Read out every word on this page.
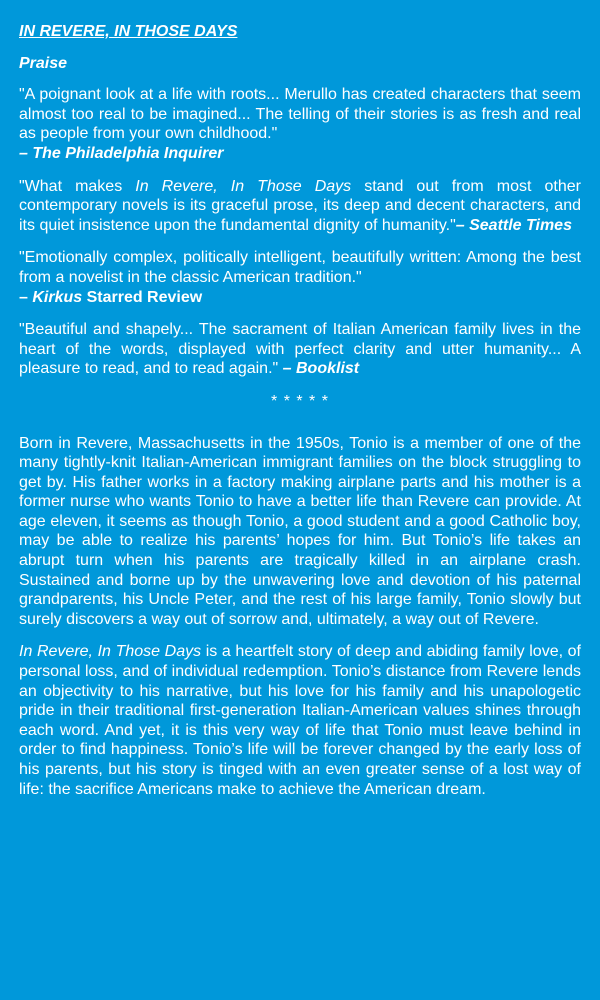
IN REVERE, IN THOSE DAYS
Praise

"A poignant look at a life with roots... Merullo has created characters that seem almost too real to be imagined... The telling of their stories is as fresh and real as people from your own childhood."
– The Philadelphia Inquirer

"What makes In Revere, In Those Days stand out from most other contemporary novels is its graceful prose, its deep and decent characters, and its quiet insistence upon the fundamental dignity of humanity."– Seattle Times

"Emotionally complex, politically intelligent, beautifully written: Among the best from a novelist in the classic American tradition."
– Kirkus Starred Review

"Beautiful and shapely... The sacrament of Italian American family lives in the heart of the words, displayed with perfect clarity and utter humanity... A pleasure to read, and to read again." – Booklist

* * * * *

Born in Revere, Massachusetts in the 1950s, Tonio is a member of one of the many tightly-knit Italian-American immigrant families on the block struggling to get by. His father works in a factory making airplane parts and his mother is a former nurse who wants Tonio to have a better life than Revere can provide. At age eleven, it seems as though Tonio, a good student and a good Catholic boy, may be able to realize his parents’ hopes for him. But Tonio’s life takes an abrupt turn when his parents are tragically killed in an airplane crash. Sustained and borne up by the unwavering love and devotion of his paternal grandparents, his Uncle Peter, and the rest of his large family, Tonio slowly but surely discovers a way out of sorrow and, ultimately, a way out of Revere.

In Revere, In Those Days is a heartfelt story of deep and abiding family love, of personal loss, and of individual redemption. Tonio’s distance from Revere lends an objectivity to his narrative, but his love for his family and his unapologetic pride in their traditional first-generation Italian-American values shines through each word. And yet, it is this very way of life that Tonio must leave behind in order to find happiness. Tonio’s life will be forever changed by the early loss of his parents, but his story is tinged with an even greater sense of a lost way of life: the sacrifice Americans make to achieve the American dream.
